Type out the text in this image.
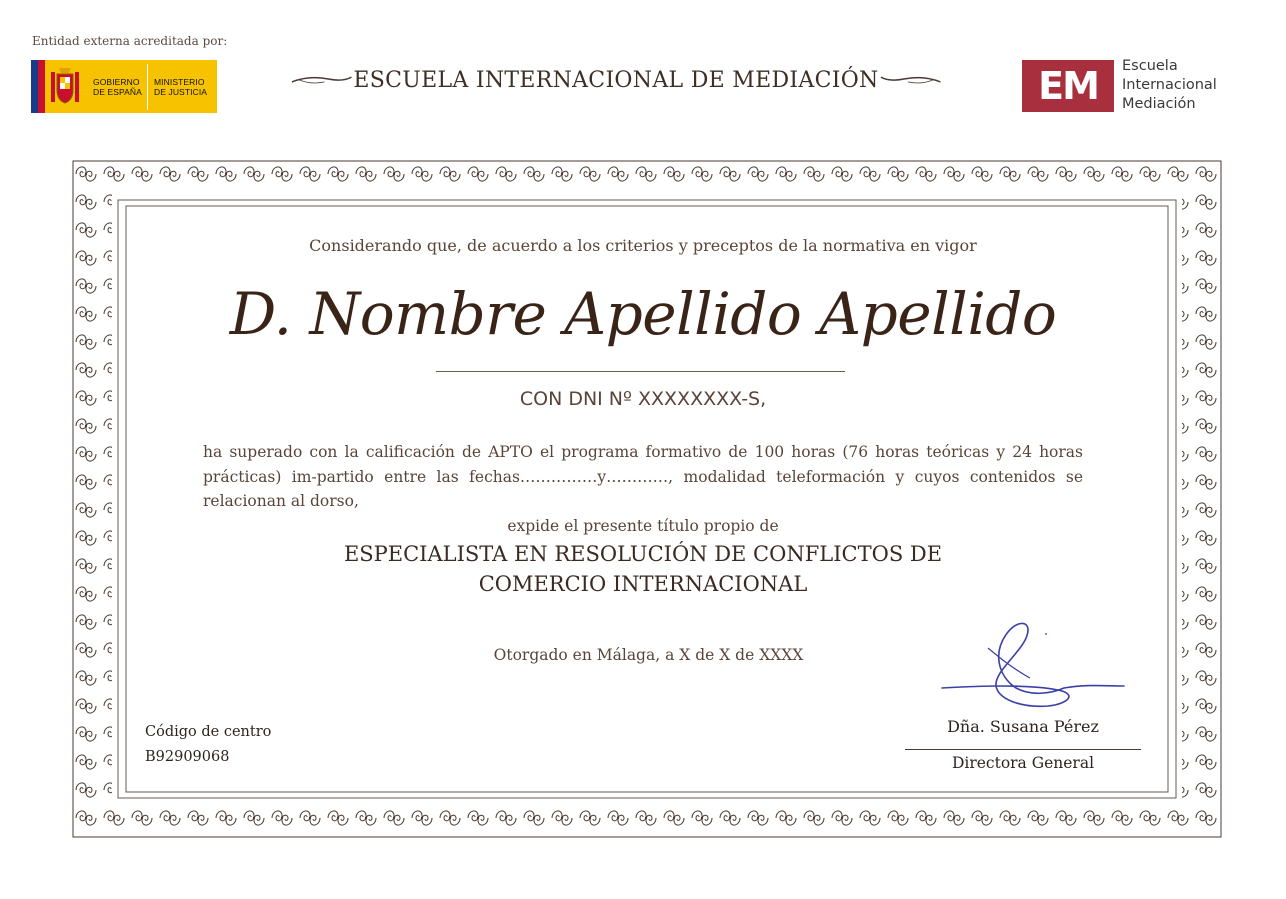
Entidad externa acreditada por:
GOBIERNO
DE ESPAÑA
MINISTERIO
DE JUSTICIA	ESCUELA INTERNACIONAL DE MEDIACIÓN	EM	Escuela
Internacional
Mediación
Considerando que, de acuerdo a los criterios y preceptos de la normativa en vigor
D. Nombre Apellido Apellido
CON DNI Nº XXXXXXXX-S,
ha superado con la calificación de APTO el programa formativo de 100 horas (76 horas teóricas y 24 horas prácticas) im-partido entre las fechas……………y…………, modalidad teleformación y cuyos contenidos se relacionan al dorso,
expide el presente título propio de
ESPECIALISTA EN RESOLUCIÓN DE CONFLICTOS DE
COMERCIO INTERNACIONAL
Otorgado en Málaga, a X de X de XXXX
Código de centro
B92909068
Dña. Susana Pérez
Directora General
